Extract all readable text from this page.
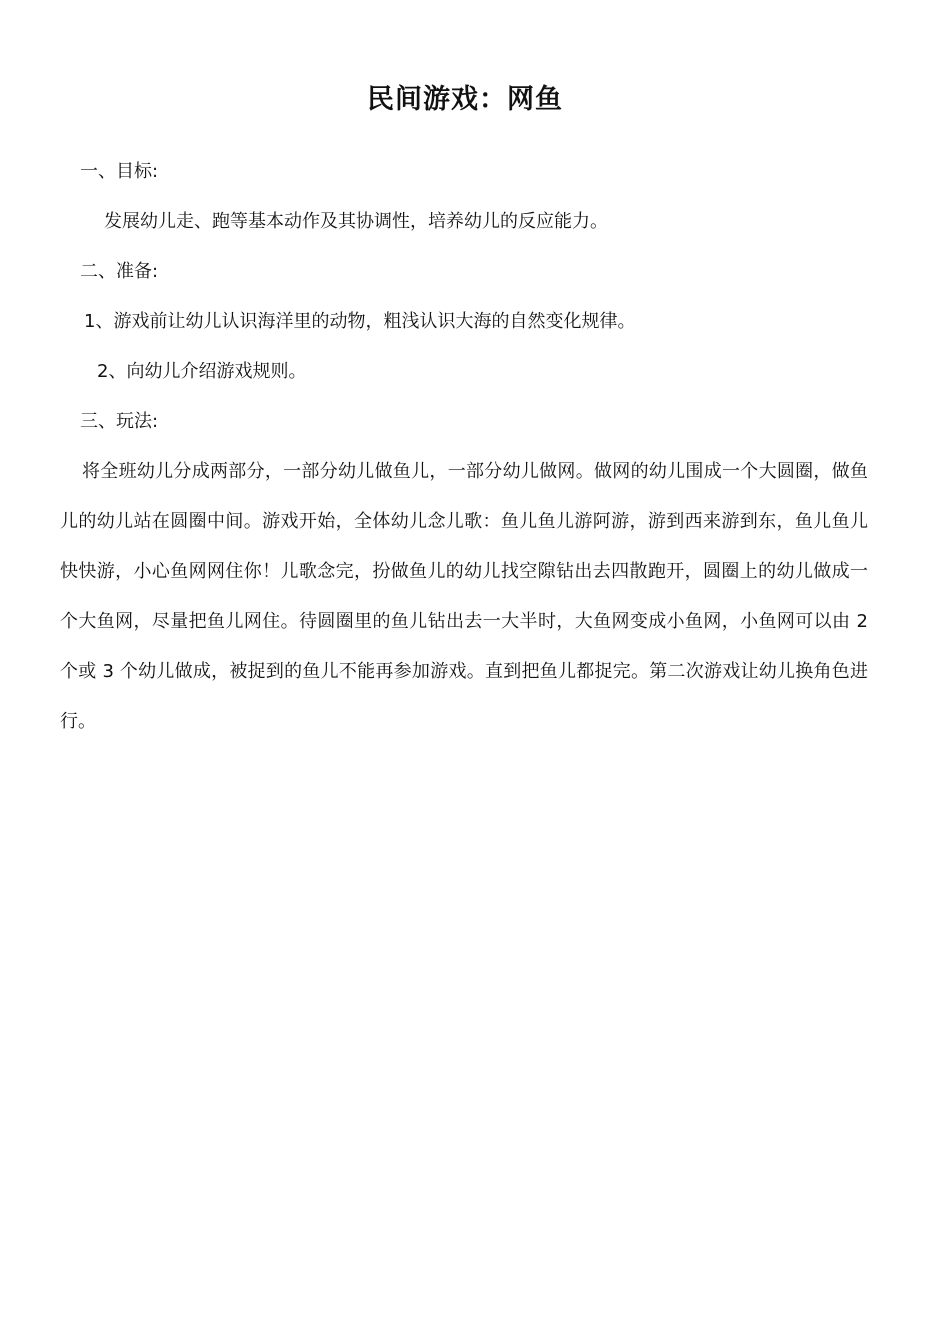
民间游戏：网鱼
一、目标:
发展幼儿走、跑等基本动作及其协调性，培养幼儿的反应能力。
二、准备:
1、游戏前让幼儿认识海洋里的动物，粗浅认识大海的自然变化规律。
2、向幼儿介绍游戏规则。
三、玩法:
将全班幼儿分成两部分，一部分幼儿做鱼儿，一部分幼儿做网。做网的幼儿围成一个大圆圈，做鱼儿的幼儿站在圆圈中间。游戏开始，全体幼儿念儿歌：鱼儿鱼儿游阿游，游到西来游到东，鱼儿鱼儿快快游，小心鱼网网住你！儿歌念完，扮做鱼儿的幼儿找空隙钻出去四散跑开，圆圈上的幼儿做成一个大鱼网，尽量把鱼儿网住。待圆圈里的鱼儿钻出去一大半时，大鱼网变成小鱼网，小鱼网可以由 2 个或 3 个幼儿做成，被捉到的鱼儿不能再参加游戏。直到把鱼儿都捉完。第二次游戏让幼儿换角色进行。
